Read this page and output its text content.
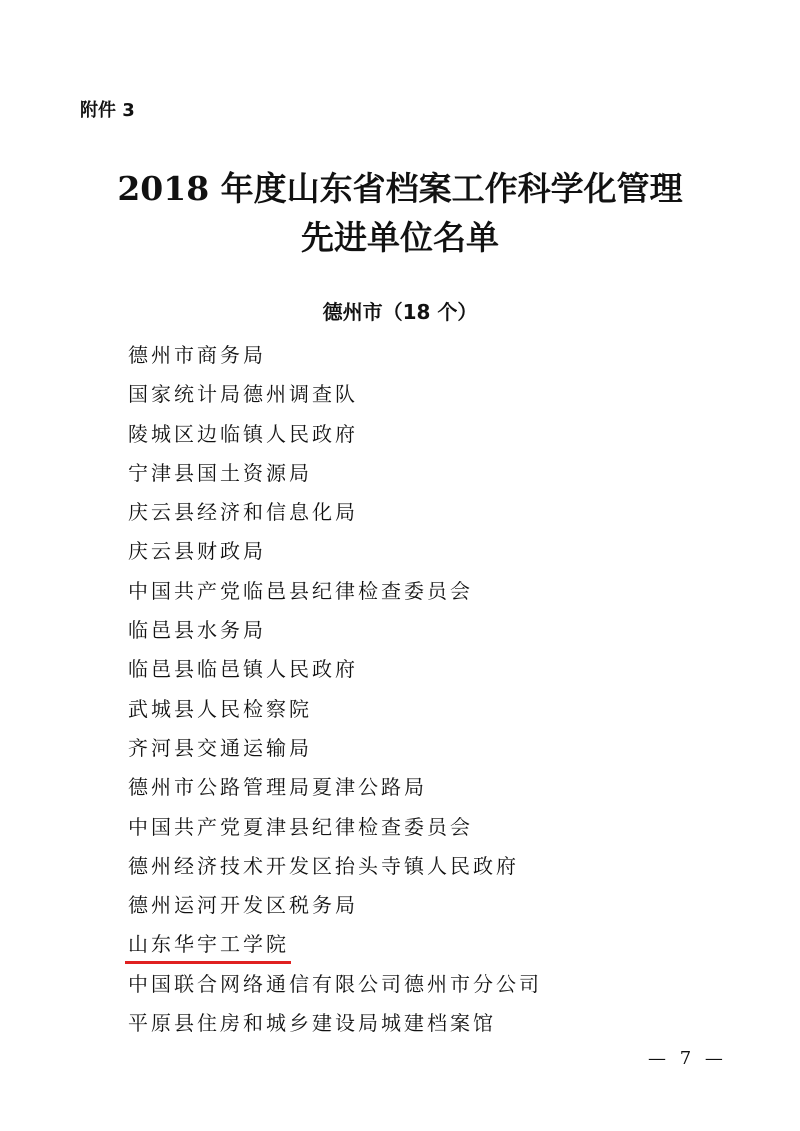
附件 3
2018 年度山东省档案工作科学化管理
先进单位名单
德州市（18 个）
德州市商务局
国家统计局德州调查队
陵城区边临镇人民政府
宁津县国土资源局
庆云县经济和信息化局
庆云县财政局
中国共产党临邑县纪律检查委员会
临邑县水务局
临邑县临邑镇人民政府
武城县人民检察院
齐河县交通运输局
德州市公路管理局夏津公路局
中国共产党夏津县纪律检查委员会
德州经济技术开发区抬头寺镇人民政府
德州运河开发区税务局
山东华宇工学院
中国联合网络通信有限公司德州市分公司
平原县住房和城乡建设局城建档案馆
— 7 —
